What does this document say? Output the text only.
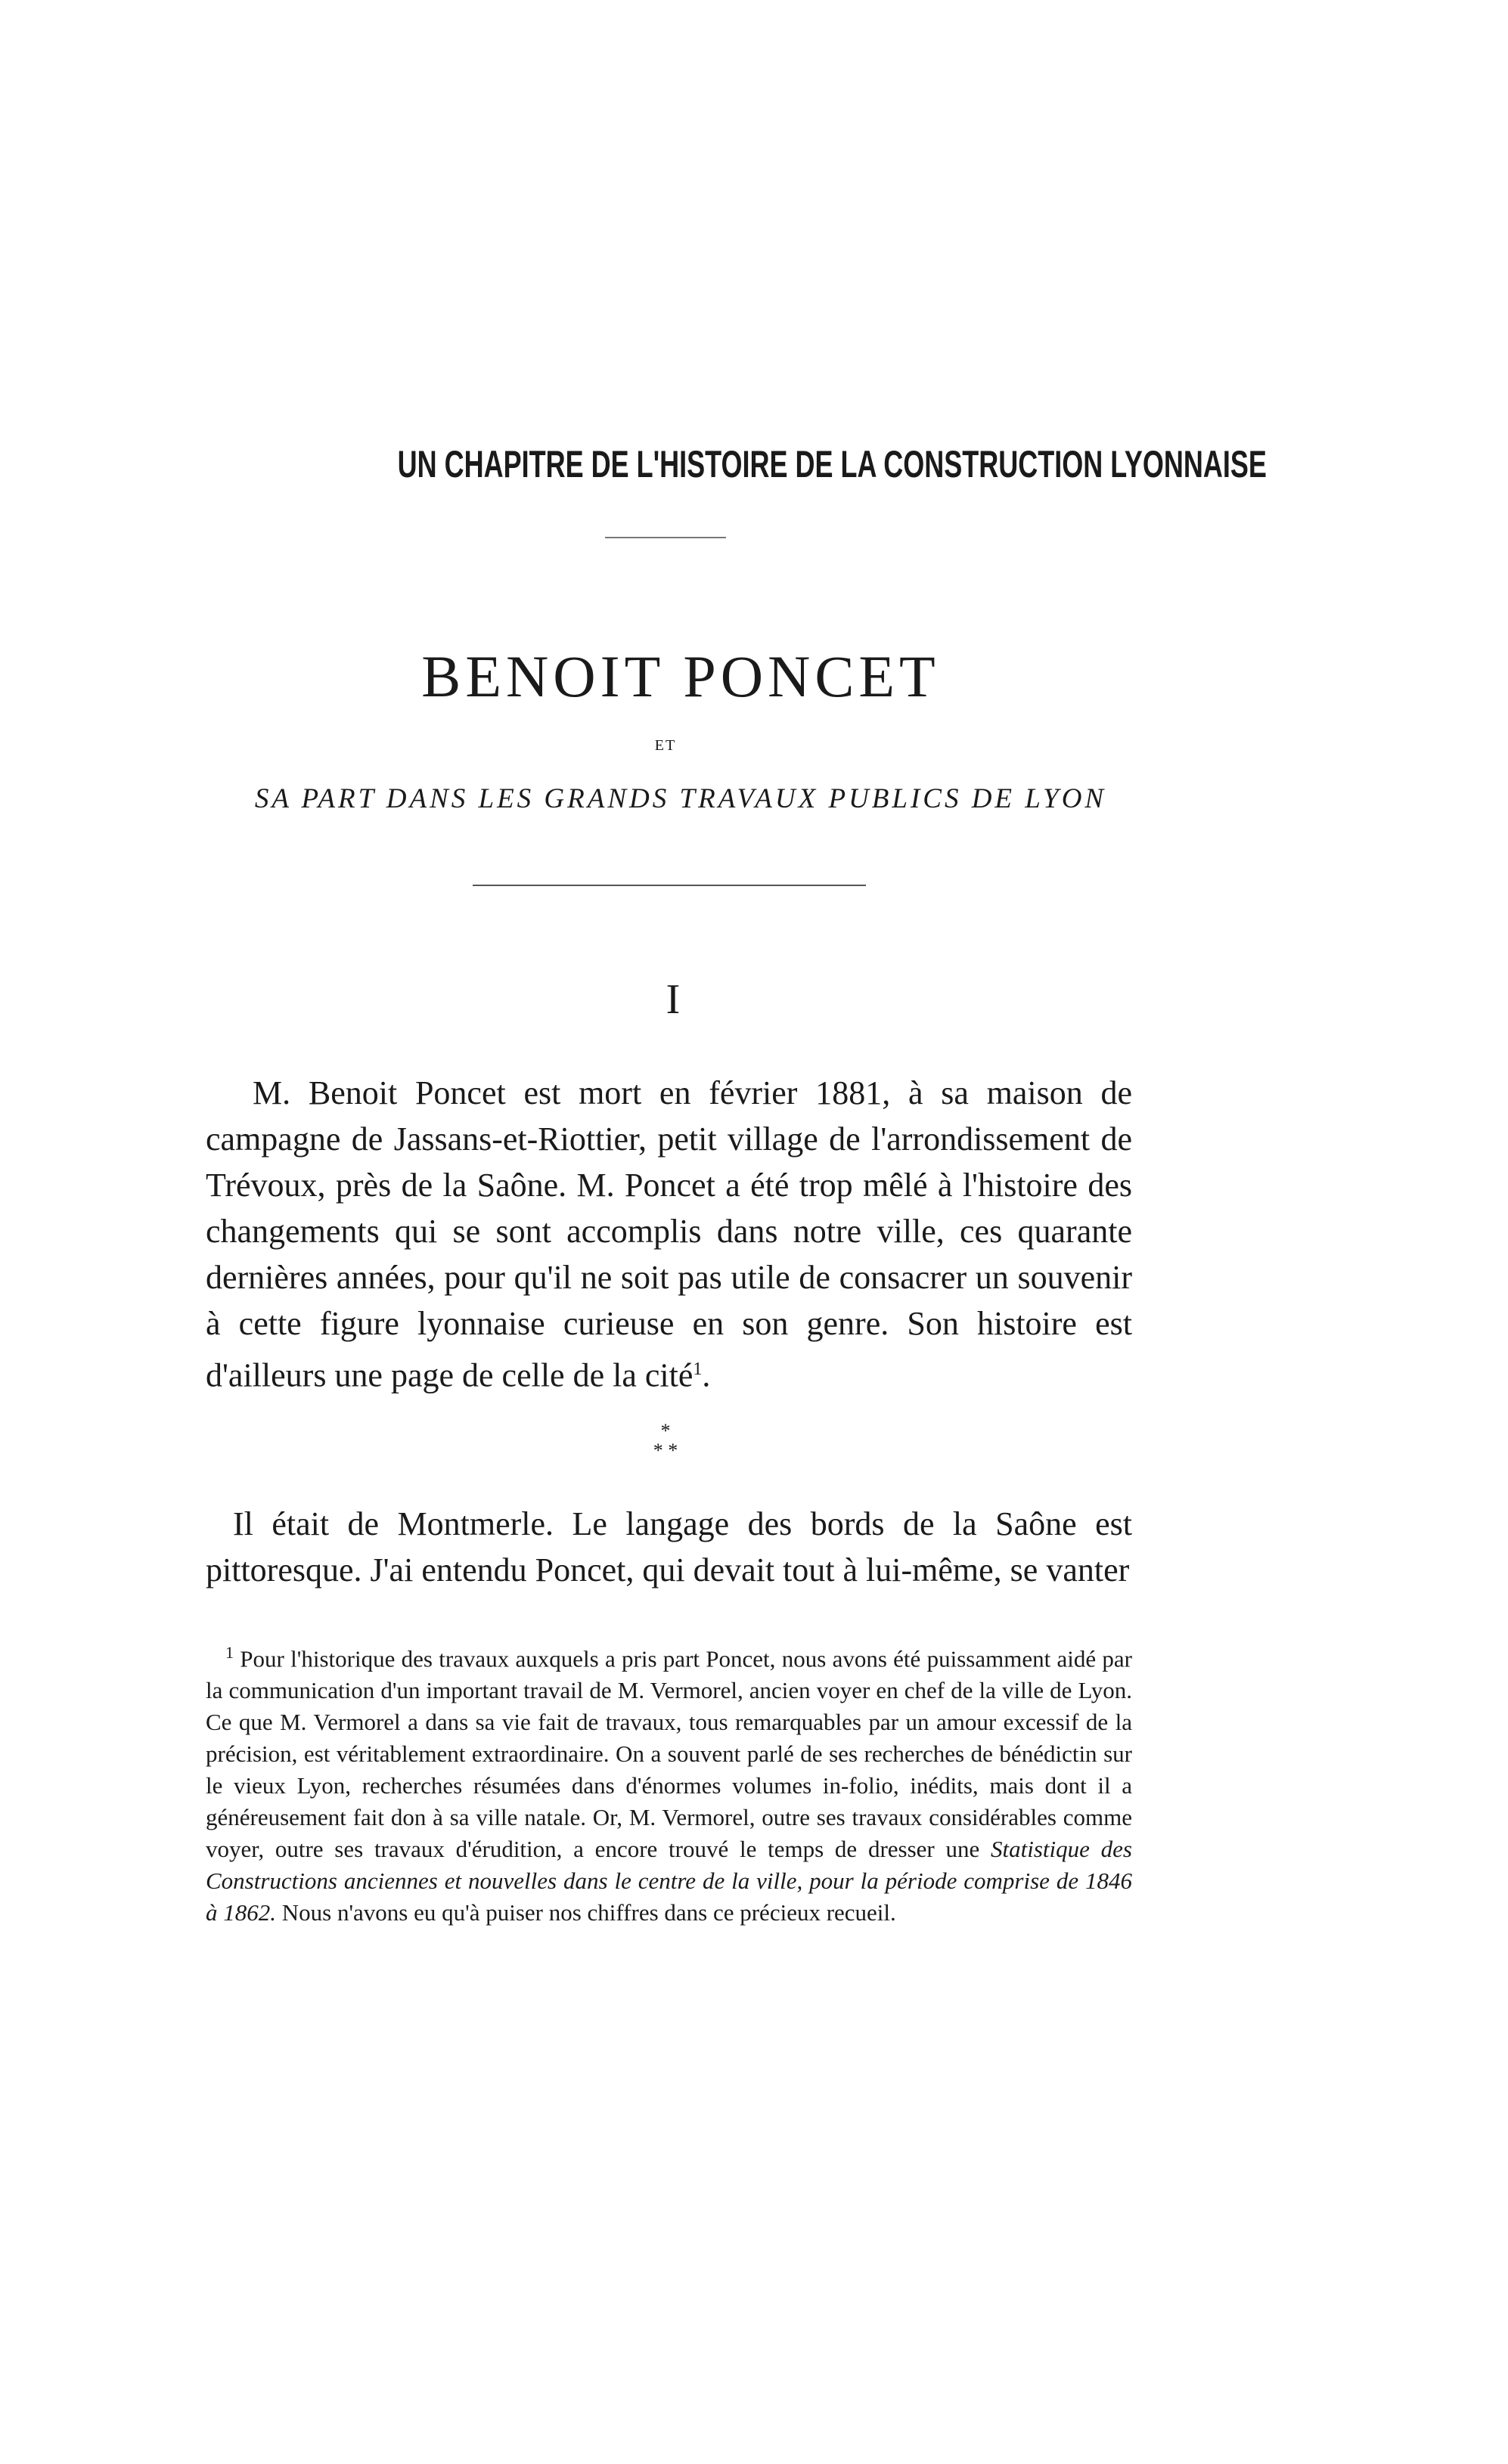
UN CHAPITRE DE L'HISTOIRE DE LA CONSTRUCTION LYONNAISE
BENOIT PONCET
ET
SA PART DANS LES GRANDS TRAVAUX PUBLICS DE LYON
I

M. Benoit Poncet est mort en février 1881, à sa maison de campagne de Jassans-et-Riottier, petit village de l'arrondissement de Trévoux, près de la Saône. M. Poncet a été trop mêlé à l'histoire des changements qui se sont accomplis dans notre ville, ces quarante dernières années, pour qu'il ne soit pas utile de consacrer un souvenir à cette figure lyonnaise curieuse en son genre. Son histoire est d'ailleurs une page de celle de la cité$^1$.

*
* *

Il était de Montmerle. Le langage des bords de la Saône est pittoresque. J'ai entendu Poncet, qui devait tout à lui-même, se vanter

$^1$ Pour l'historique des travaux auxquels a pris part Poncet, nous avons été puissamment aidé par la communication d'un important travail de M. Vermorel, ancien voyer en chef de la ville de Lyon. Ce que M. Vermorel a dans sa vie fait de travaux, tous remarquables par un amour excessif de la précision, est véritablement extraordinaire. On a souvent parlé de ses recherches de bénédictin sur le vieux Lyon, recherches résumées dans d'énormes volumes in-folio, inédits, mais dont il a généreusement fait don à sa ville natale. Or, M. Vermorel, outre ses travaux considérables comme voyer, outre ses travaux d'érudition, a encore trouvé le temps de dresser une Statistique des Constructions anciennes et nouvelles dans le centre de la ville, pour la période comprise de 1846 à 1862. Nous n'avons eu qu'à puiser nos chiffres dans ce précieux recueil.
